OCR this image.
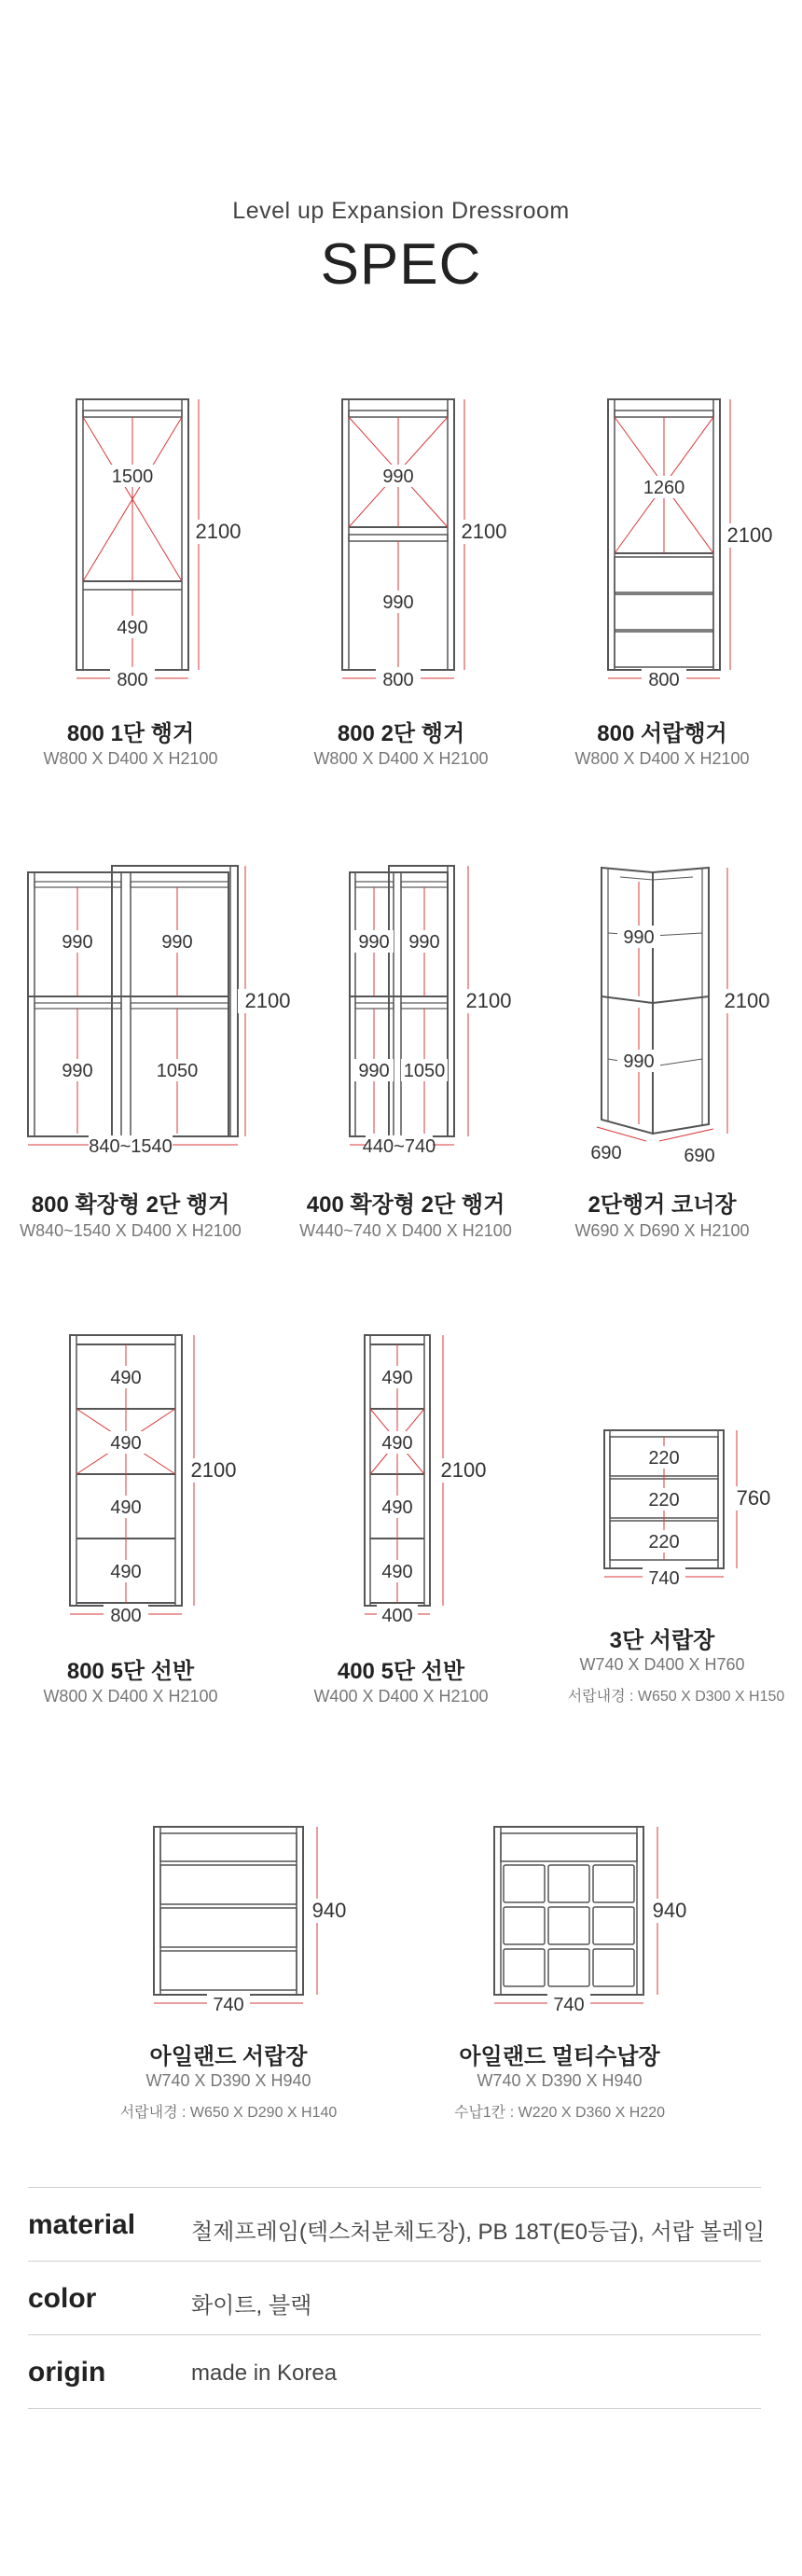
Level up Expansion Dressroom
SPEC
1500
490
2100
800
800 1단 행거
W800 X D400 X H2100
990
990
2100
800
800 2단 행거
W800 X D400 X H2100
1260
2100
800
800 서랍행거
W800 X D400 X H2100
990	990
990	1050
2100
840~1540
800 확장형 2단 행거
W840~1540 X D400 X H2100
990 990
990 1050
2100
440~740
400 확장형 2단 행거
W440~740 X D400 X H2100
990
990
2100
690	690
2단행거 코너장
W690 X D690 X H2100
490
490
490
490
2100
800
800 5단 선반
W800 X D400 X H2100
490
490
490
490
2100
400
400 5단 선반
W400 X D400 X H2100
220
220
220
760
740
3단 서랍장
W740 X D400 X H760
서랍내경 : W650 X D300 X H150
940
740
아일랜드 서랍장
W740 X D390 X H940
서랍내경 : W650 X D290 X H140
940
740
아일랜드 멀티수납장
W740 X D390 X H940
수납1칸 : W220 X D360 X H220
material 철제프레임(텍스처분체도장), PB 18T(E0등급), 서랍 볼레일
color	화이트, 블랙
origin	made in Korea
